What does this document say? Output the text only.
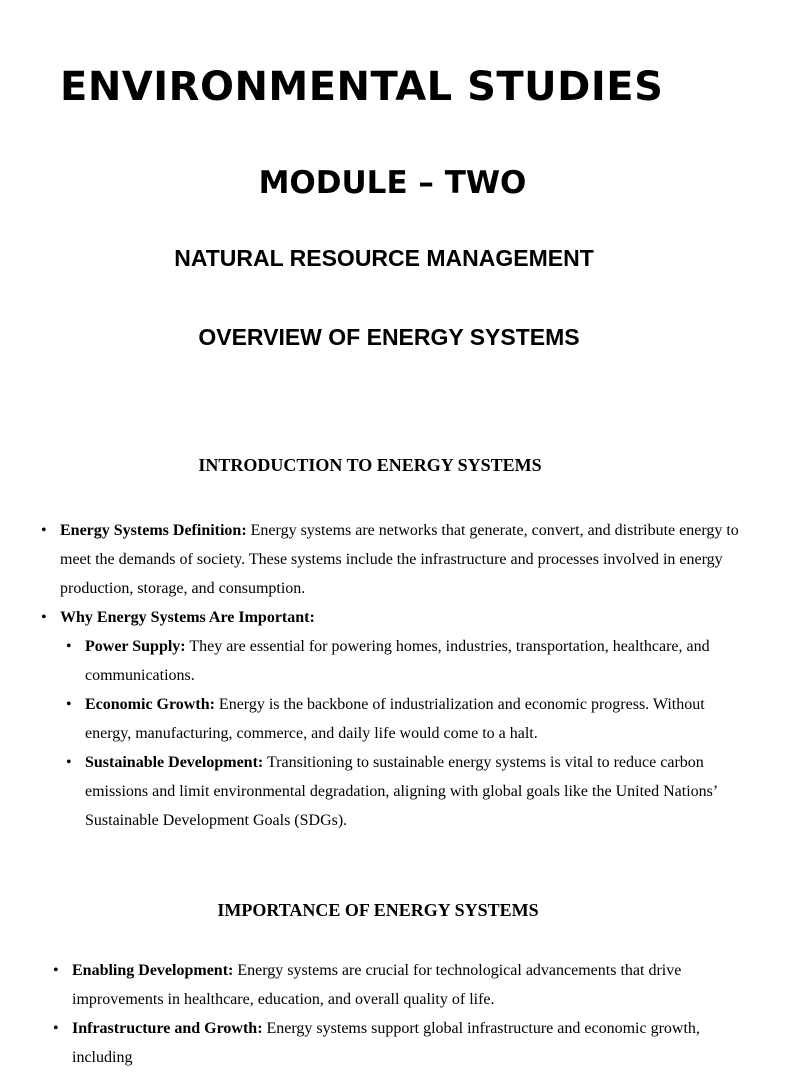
ENVIRONMENTAL STUDIES
MODULE – TWO
NATURAL RESOURCE MANAGEMENT
OVERVIEW OF ENERGY SYSTEMS
INTRODUCTION TO ENERGY SYSTEMS
• Energy Systems Definition: Energy systems are networks that generate, convert, and distribute energy to meet the demands of society. These systems include the infrastructure and processes involved in energy production, storage, and consumption.
• Why Energy Systems Are Important:
• Power Supply: They are essential for powering homes, industries, transportation, healthcare, and communications.
• Economic Growth: Energy is the backbone of industrialization and economic progress. Without energy, manufacturing, commerce, and daily life would come to a halt.
• Sustainable Development: Transitioning to sustainable energy systems is vital to reduce carbon emissions and limit environmental degradation, aligning with global goals like the United Nations’ Sustainable Development Goals (SDGs).
IMPORTANCE OF ENERGY SYSTEMS
• Enabling Development: Energy systems are crucial for technological advancements that drive improvements in healthcare, education, and overall quality of life.
• Infrastructure and Growth: Energy systems support global infrastructure and economic growth, including
